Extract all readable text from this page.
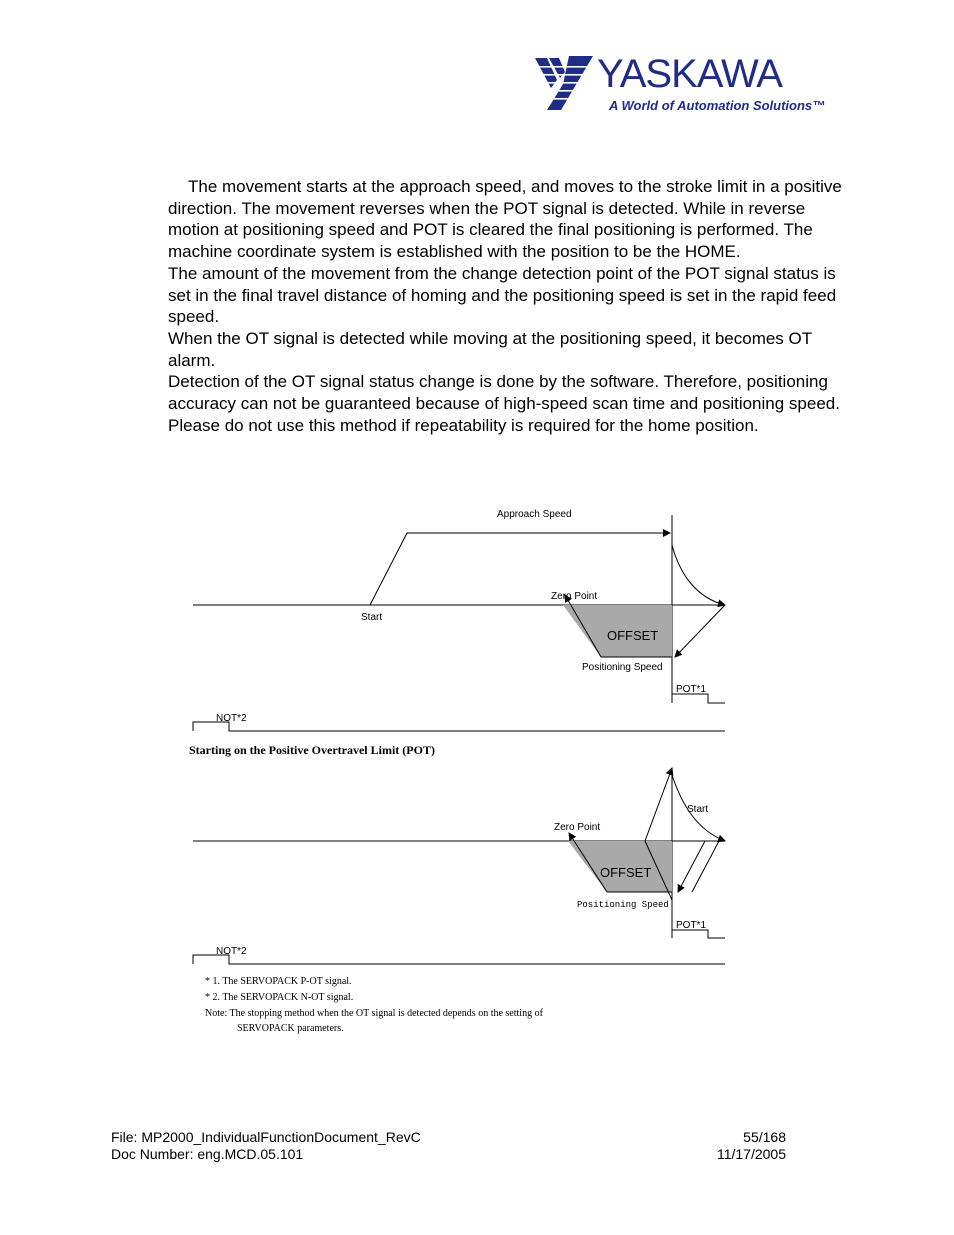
YASKAWA
A World of Automation Solutions™

The movement starts at the approach speed, and moves to the stroke limit in a positive direction. The movement reverses when the POT signal is detected. While in reverse motion at positioning speed and POT is cleared the final positioning is performed. The machine coordinate system is established with the position to be the HOME.

The amount of the movement from the change detection point of the POT signal status is set in the final travel distance of homing and the positioning speed is set in the rapid feed speed.

When the OT signal is detected while moving at the positioning speed, it becomes OT alarm.

Detection of the OT signal status change is done by the software. Therefore, positioning accuracy can not be guaranteed because of high-speed scan time and positioning speed.

Please do not use this method if repeatability is required for the home position.

Approach Speed
Zero Point
Start
OFFSET
Positioning Speed
POT*1
NOT*2
Starting on the Positive Overtravel Limit (POT)
Start
Zero Point
OFFSET
Positioning Speed
POT*1
NOT*2
* 1. The SERVOPACK P-OT signal.
* 2. The SERVOPACK N-OT signal.
Note: The stopping method when the OT signal is detected depends on the setting of
SERVOPACK parameters.
File: MP2000_IndividualFunctionDocument_RevC	55/168
Doc Number: eng.MCD.05.101	11/17/2005
